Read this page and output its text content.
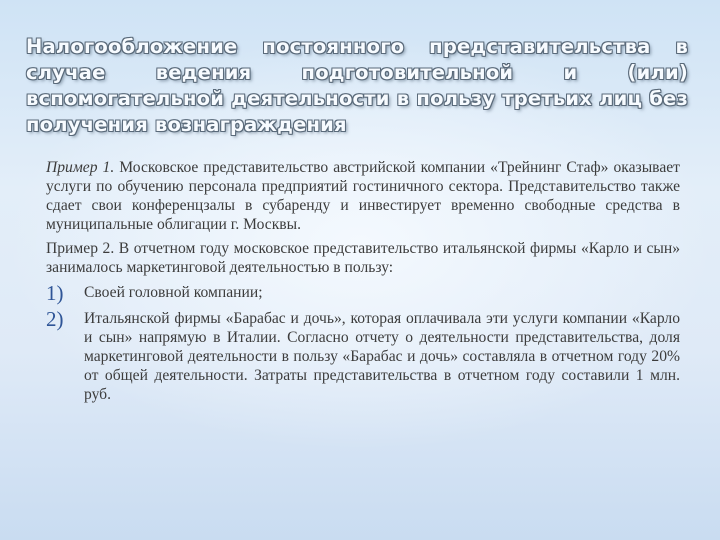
Налогообложение постоянного представительства в случае ведения подготовительной и (или) вспомогательной деятельности в пользу третьих лиц без получения вознаграждения

Пример 1. Московское представительство австрийской компании «Трейнинг Стаф» оказывает услуги по обучению персонала предприятий гостиничного сектора. Представительство также сдает свои конференцзалы в субаренду и инвестирует временно свободные средства в муниципальные облигации г. Москвы.

Пример 2. В отчетном году московское представительство итальянской фирмы «Карло и сын» занималось маркетинговой деятельностью в пользу:

1)	Своей головной компании;
2)	Итальянской фирмы «Барабас и дочь», которая оплачивала эти услуги компании «Карло и сын» напрямую в Италии. Согласно отчету о деятельности представительства, доля маркетинговой деятельности в пользу «Барабас и дочь» составляла в отчетном году 20% от общей деятельности. Затраты представительства в отчетном году составили 1 млн. руб.
